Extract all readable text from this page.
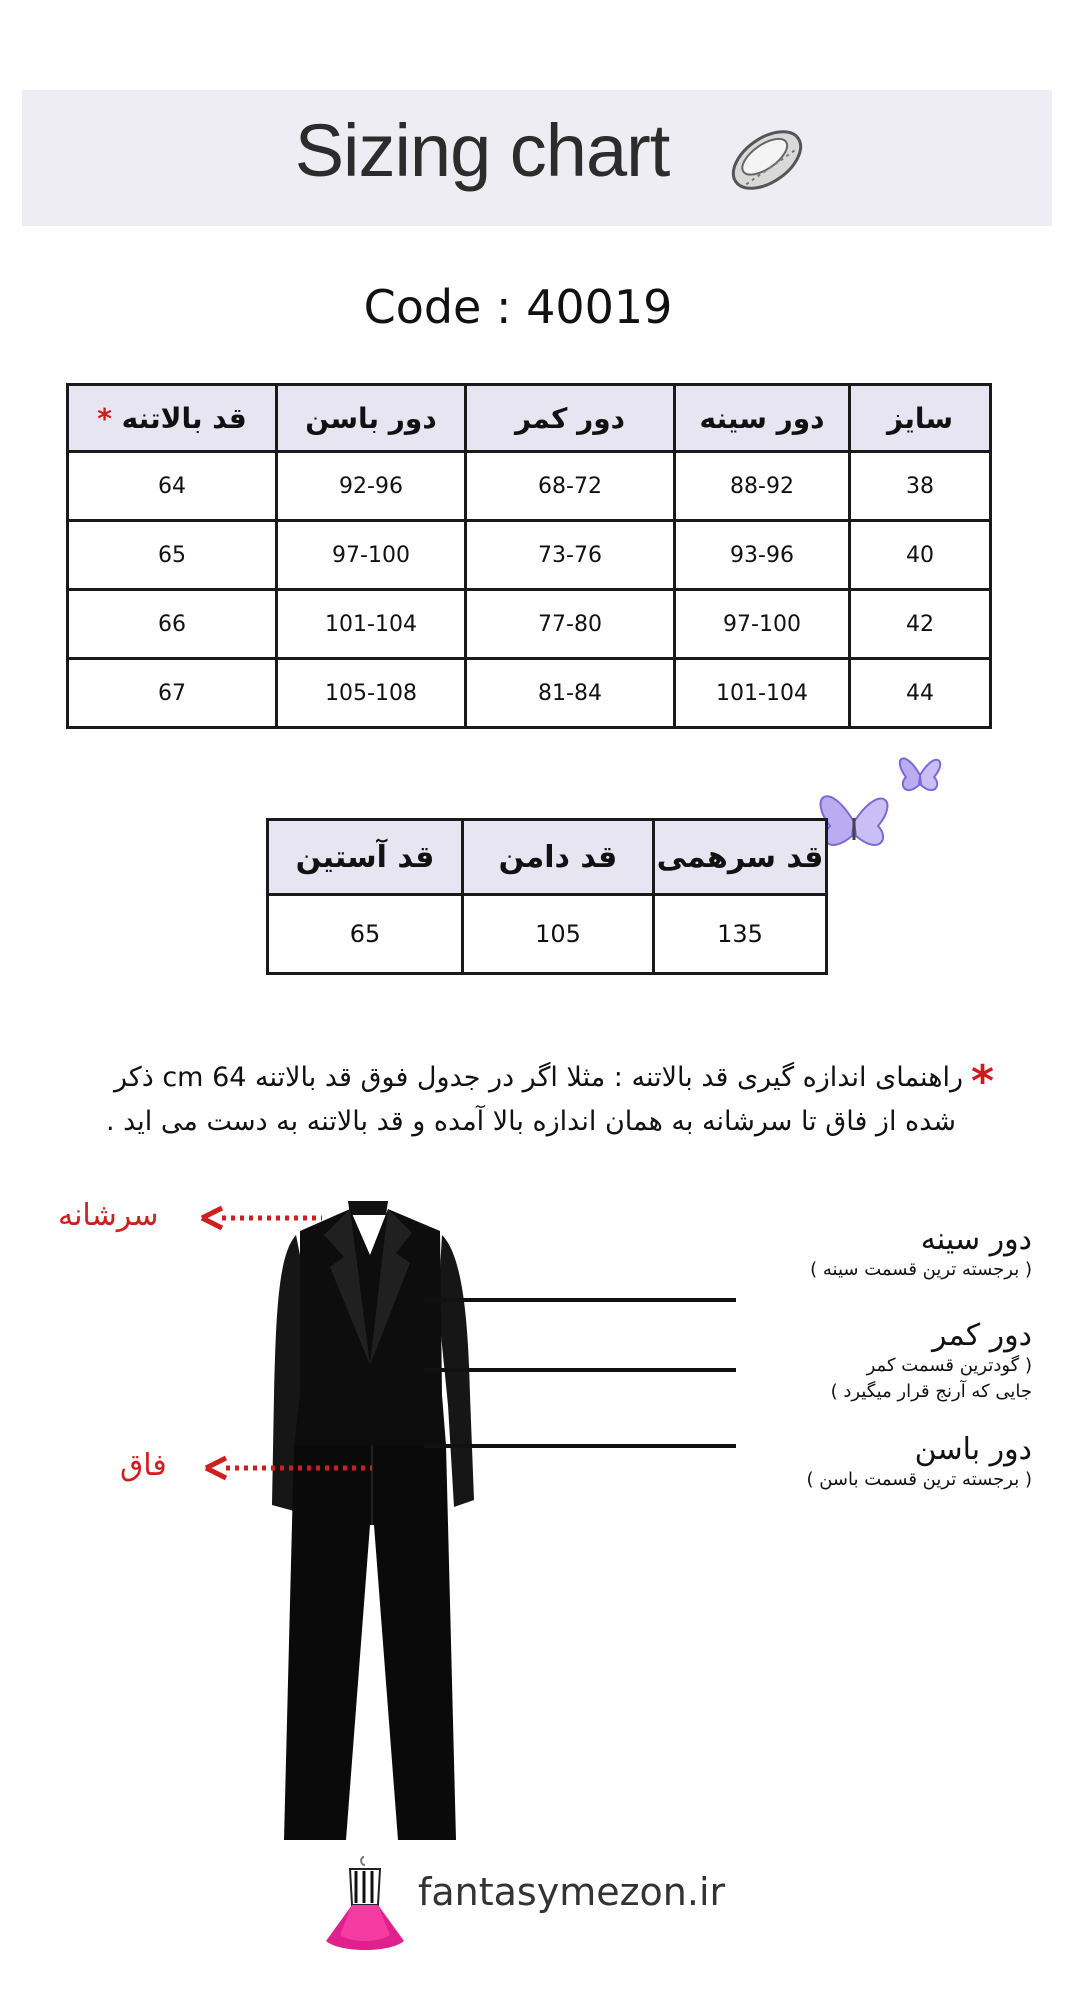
Sizing chart
Code : 40019
* قد بالاتنه	دور باسن	دور کمر	دور سینه	سایز
64	92-96	68-72	88-92	38
65	97-100	73-76	93-96	40
66	101-104	77-80	97-100	42
67	105-108	81-84	101-104	44
قد آستین	قد دامن	قد سرهمی
65	105	135
*راهنمای اندازه گیری قد بالاتنه : مثلا اگر در جدول فوق قد بالاتنه 64 cm ذکر
شده از فاق تا سرشانه به همان اندازه بالا آمده و قد بالاتنه به دست می اید .
سرشانه
فاق
دور سینه
( برجسته ترین قسمت سینه )
دور کمر
( گودترین قسمت کمر
جایی که آرنج قرار میگیرد )
دور باسن
( برجسته ترین قسمت باسن )
fantasymezon.ir
